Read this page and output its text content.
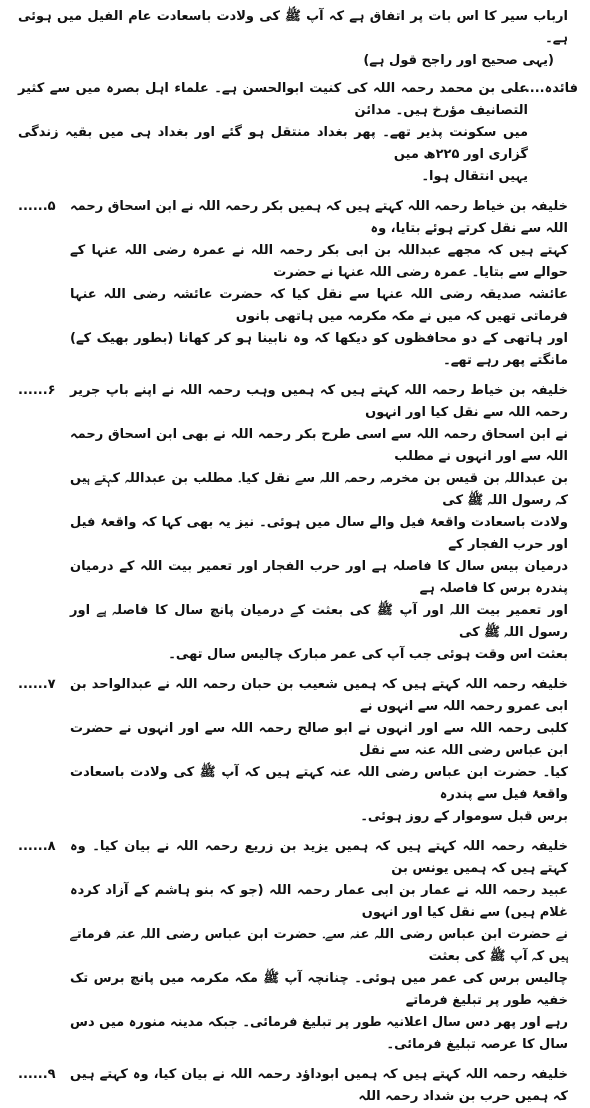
ارباب سیر کا اس بات پر اتفاق ہے کہ آپ ﷺ کی ولادت باسعادت عام الفیل میں ہوئی ہے۔

(یہی صحیح اور راجح قول ہے)

فائدہ......

علی بن محمد رحمہ اللہ کی کنیت ابوالحسن ہے۔ علماء اہل بصرہ میں سے کثیر التصانیف مؤرخ ہیں۔ مدائن

میں سکونت پذیر تھے۔ پھر بغداد منتقل ہو گئے اور بغداد ہی میں بقیہ زندگی گزاری اور ۲۲۵ھ میں

یہیں انتقال ہوا۔

......۵ خلیفہ بن خیاط رحمہ اللہ کہتے ہیں کہ ہمیں بکر رحمہ اللہ نے ابن اسحاق رحمہ اللہ سے نقل کرتے ہوئے بتایا، وہ

کہتے ہیں کہ مجھے عبداللہ بن ابی بکر رحمہ اللہ نے عمرہ رضی اللہ عنہا کے حوالے سے بتایا۔ عمرہ رضی اللہ عنہا نے حضرت

عائشہ صدیقہ رضی اللہ عنہا سے نقل کیا کہ حضرت عائشہ رضی اللہ عنہا فرماتی تھیں کہ میں نے مکہ مکرمہ میں ہاتھی بانوں

اور ہاتھی کے دو محافظوں کو دیکھا کہ وہ نابینا ہو کر کھانا (بطور بھیک کے) مانگتے پھر رہے تھے۔

......۶ خلیفہ بن خیاط رحمہ اللہ کہتے ہیں کہ ہمیں وہب رحمہ اللہ نے اپنے باپ جریر رحمہ اللہ سے نقل کیا اور انہوں

نے ابن اسحاق رحمہ اللہ سے اسی طرح بکر رحمہ اللہ نے بھی ابن اسحاق رحمہ اللہ سے اور انہوں نے مطلب

بن عبداللہ بن قیس بن مخرمہ رحمہ اللہ سے نقل کیا۔ مطلب بن عبداللہ کہتے ہیں کہ رسول اللہ ﷺ کی

ولادت باسعادت واقعۂ فیل والے سال میں ہوئی۔ نیز یہ بھی کہا کہ واقعۂ فیل اور حرب الفجار کے

درمیان بیس سال کا فاصلہ ہے اور حرب الفجار اور تعمیر بیت اللہ کے درمیان پندرہ برس کا فاصلہ ہے

اور تعمیر بیت اللہ اور آپ ﷺ کی بعثت کے درمیان پانچ سال کا فاصلہ ہے اور رسول اللہ ﷺ کی

بعثت اس وقت ہوئی جب آپ کی عمر مبارک چالیس سال تھی۔

......۷ خلیفہ رحمہ اللہ کہتے ہیں کہ ہمیں شعیب بن حبان رحمہ اللہ نے عبدالواحد بن ابی عمرو رحمہ اللہ سے انہوں نے

کلبی رحمہ اللہ سے اور انہوں نے ابو صالح رحمہ اللہ سے اور انہوں نے حضرت ابن عباس رضی اللہ عنہ سے نقل

کیا۔ حضرت ابن عباس رضی اللہ عنہ کہتے ہیں کہ آپ ﷺ کی ولادت باسعادت واقعۂ فیل سے پندرہ

برس قبل سوموار کے روز ہوئی۔

......۸ خلیفہ رحمہ اللہ کہتے ہیں کہ ہمیں یزید بن زریع رحمہ اللہ نے بیان کیا۔ وہ کہتے ہیں کہ ہمیں یونس بن

عبید رحمہ اللہ نے عمار بن ابی عمار رحمہ اللہ (جو کہ بنو ہاشم کے آزاد کردہ غلام ہیں) سے نقل کیا اور انہوں

نے حضرت ابن عباس رضی اللہ عنہ سے۔ حضرت ابن عباس رضی اللہ عنہ فرماتے ہیں کہ آپ ﷺ کی بعثت

چالیس برس کی عمر میں ہوئی۔ چنانچہ آپ ﷺ مکہ مکرمہ میں پانچ برس تک خفیہ طور پر تبلیغ فرماتے

رہے اور پھر دس سال اعلانیہ طور پر تبلیغ فرمائی۔ جبکہ مدینہ منورہ میں دس سال کا عرصہ تبلیغ فرمائی۔

......۹ خلیفہ رحمہ اللہ کہتے ہیں کہ ہمیں ابوداؤد رحمہ اللہ نے بیان کیا، وہ کہتے ہیں کہ ہمیں حرب بن شداد رحمہ اللہ
